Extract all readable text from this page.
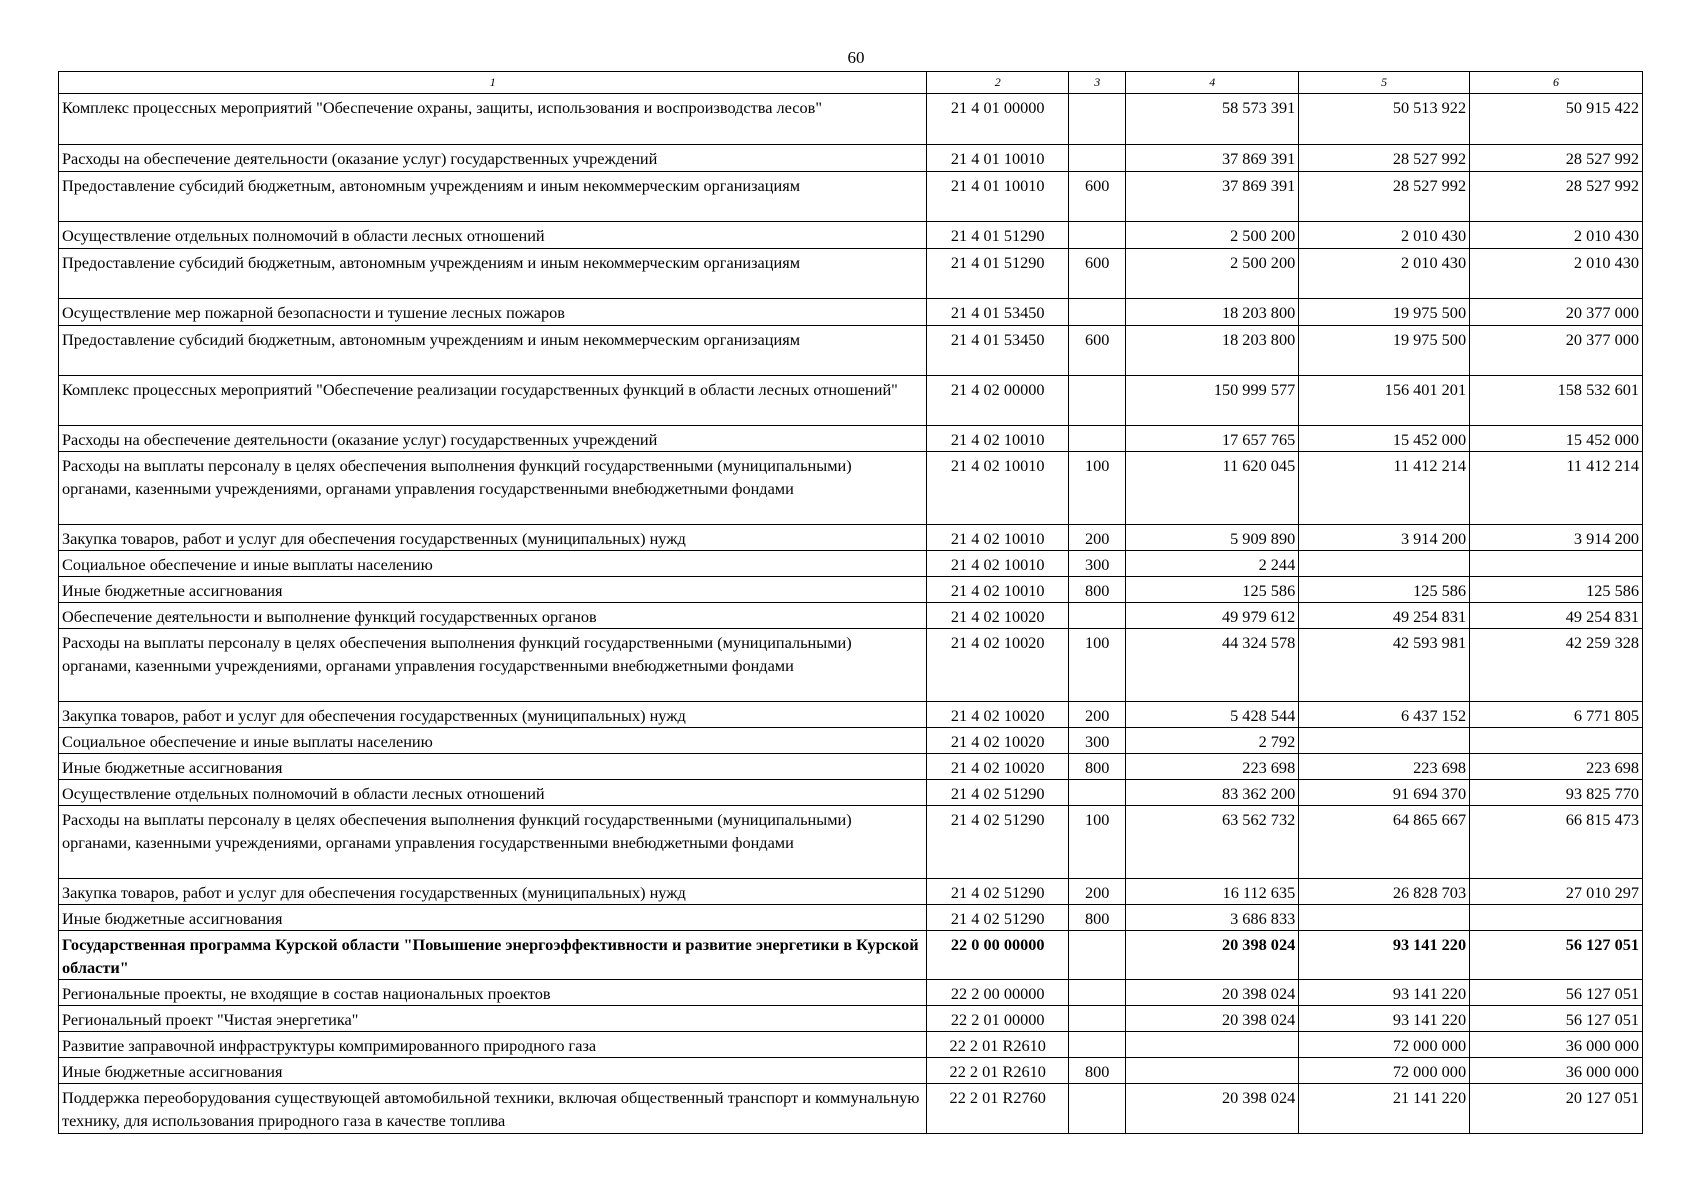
60
1	2	3	4	5	6
Комплекс процессных мероприятий "Обеспечение охраны, защиты, использования и воспроизводства лесов"	21 4 01 00000		58 573 391	50 513 922	50 915 422
Расходы на обеспечение деятельности (оказание услуг) государственных учреждений	21 4 01 10010		37 869 391	28 527 992	28 527 992
Предоставление субсидий бюджетным, автономным учреждениям и иным некоммерческим организациям	21 4 01 10010	600	37 869 391	28 527 992	28 527 992
Осуществление отдельных полномочий в области лесных отношений	21 4 01 51290		2 500 200	2 010 430	2 010 430
Предоставление субсидий бюджетным, автономным учреждениям и иным некоммерческим организациям	21 4 01 51290	600	2 500 200	2 010 430	2 010 430
Осуществление мер пожарной безопасности и тушение лесных пожаров	21 4 01 53450		18 203 800	19 975 500	20 377 000
Предоставление субсидий бюджетным, автономным учреждениям и иным некоммерческим организациям	21 4 01 53450	600	18 203 800	19 975 500	20 377 000
Комплекс процессных мероприятий "Обеспечение реализации государственных функций в области лесных отношений"	21 4 02 00000		150 999 577	156 401 201	158 532 601
Расходы на обеспечение деятельности (оказание услуг) государственных учреждений	21 4 02 10010		17 657 765	15 452 000	15 452 000
Расходы на выплаты персоналу в целях обеспечения выполнения функций государственными (муниципальными) органами, казенными учреждениями, органами управления государственными внебюджетными фондами	21 4 02 10010	100	11 620 045	11 412 214	11 412 214
Закупка товаров, работ и услуг для обеспечения государственных (муниципальных) нужд	21 4 02 10010	200	5 909 890	3 914 200	3 914 200
Социальное обеспечение и иные выплаты населению	21 4 02 10010	300	2 244		
Иные бюджетные ассигнования	21 4 02 10010	800	125 586	125 586	125 586
Обеспечение деятельности и выполнение функций государственных органов	21 4 02 10020		49 979 612	49 254 831	49 254 831
Расходы на выплаты персоналу в целях обеспечения выполнения функций государственными (муниципальными) органами, казенными учреждениями, органами управления государственными внебюджетными фондами	21 4 02 10020	100	44 324 578	42 593 981	42 259 328
Закупка товаров, работ и услуг для обеспечения государственных (муниципальных) нужд	21 4 02 10020	200	5 428 544	6 437 152	6 771 805
Социальное обеспечение и иные выплаты населению	21 4 02 10020	300	2 792		
Иные бюджетные ассигнования	21 4 02 10020	800	223 698	223 698	223 698
Осуществление отдельных полномочий в области лесных отношений	21 4 02 51290		83 362 200	91 694 370	93 825 770
Расходы на выплаты персоналу в целях обеспечения выполнения функций государственными (муниципальными) органами, казенными учреждениями, органами управления государственными внебюджетными фондами	21 4 02 51290	100	63 562 732	64 865 667	66 815 473
Закупка товаров, работ и услуг для обеспечения государственных (муниципальных) нужд	21 4 02 51290	200	16 112 635	26 828 703	27 010 297
Иные бюджетные ассигнования	21 4 02 51290	800	3 686 833		
Государственная программа Курской области "Повышение энергоэффективности и развитие энергетики в Курской области"	22 0 00 00000		20 398 024	93 141 220	56 127 051
Региональные проекты, не входящие в состав национальных проектов	22 2 00 00000		20 398 024	93 141 220	56 127 051
Региональный проект "Чистая энергетика"	22 2 01 00000		20 398 024	93 141 220	56 127 051
Развитие заправочной инфраструктуры компримированного природного газа	22 2 01 R2610			72 000 000	36 000 000
Иные бюджетные ассигнования	22 2 01 R2610	800		72 000 000	36 000 000
Поддержка переоборудования существующей автомобильной техники, включая общественный транспорт и коммунальную технику, для использования природного газа в качестве топлива	22 2 01 R2760		20 398 024	21 141 220	20 127 051
